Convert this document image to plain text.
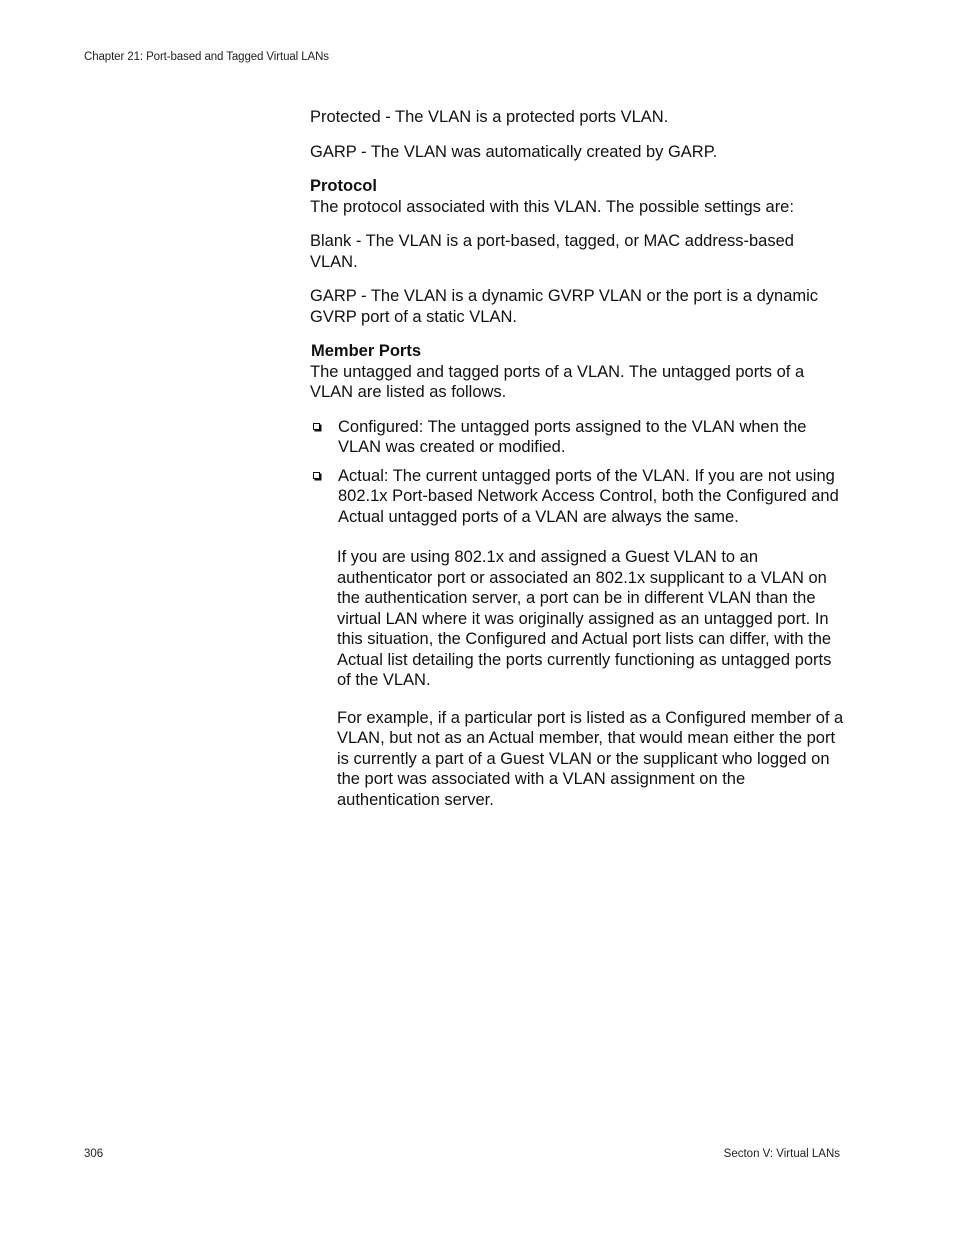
Chapter 21: Port-based and Tagged Virtual LANs

Protected - The VLAN is a protected ports VLAN.

GARP - The VLAN was automatically created by GARP.

Protocol

The protocol associated with this VLAN. The possible settings are:

Blank - The VLAN is a port-based, tagged, or MAC address-based VLAN.

GARP - The VLAN is a dynamic GVRP VLAN or the port is a dynamic GVRP port of a static VLAN.

Member Ports

The untagged and tagged ports of a VLAN. The untagged ports of a VLAN are listed as follows.

Configured: The untagged ports assigned to the VLAN when the VLAN was created or modified.
Actual: The current untagged ports of the VLAN. If you are not using 802.1x Port-based Network Access Control, both the Configured and Actual untagged ports of a VLAN are always the same.

If you are using 802.1x and assigned a Guest VLAN to an authenticator port or associated an 802.1x supplicant to a VLAN on the authentication server, a port can be in different VLAN than the virtual LAN where it was originally assigned as an untagged port. In this situation, the Configured and Actual port lists can differ, with the Actual list detailing the ports currently functioning as untagged ports of the VLAN.

For example, if a particular port is listed as a Configured member of a VLAN, but not as an Actual member, that would mean either the port is currently a part of a Guest VLAN or the supplicant who logged on the port was associated with a VLAN assignment on the authentication server.

306	Secton V: Virtual LANs
